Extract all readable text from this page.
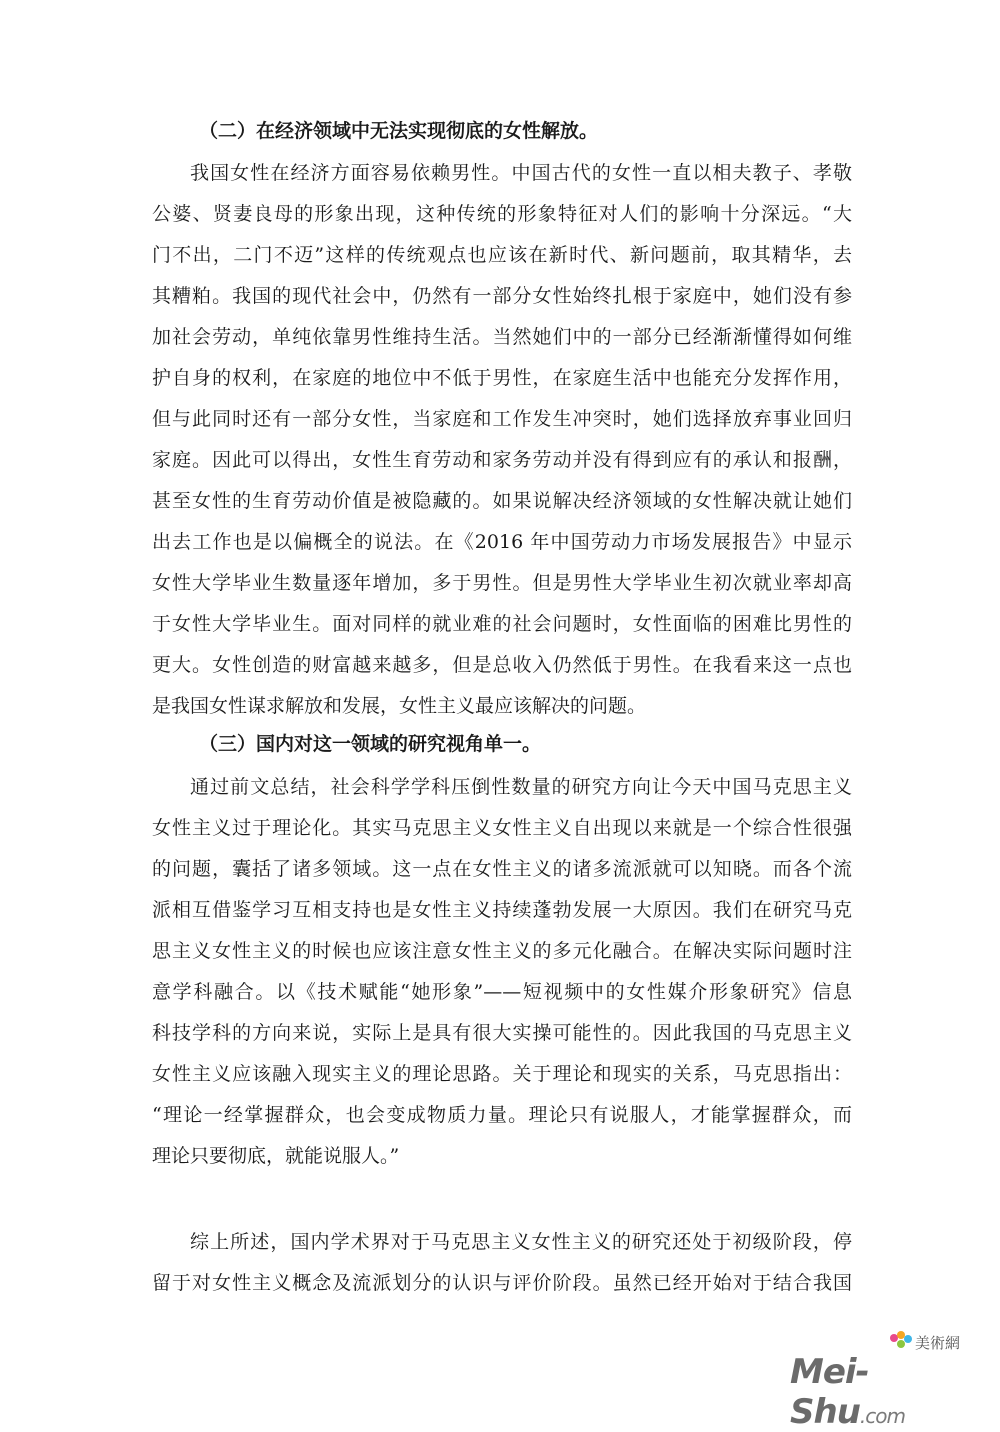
（二）在经济领域中无法实现彻底的女性解放。
我国女性在经济方面容易依赖男性。中国古代的女性一直以相夫教子、孝敬
公婆、贤妻良母的形象出现，这种传统的形象特征对人们的影响十分深远。“大
门不出，二门不迈”这样的传统观点也应该在新时代、新问题前，取其精华，去
其糟粕。我国的现代社会中，仍然有一部分女性始终扎根于家庭中，她们没有参
加社会劳动，单纯依靠男性维持生活。当然她们中的一部分已经渐渐懂得如何维
护自身的权利，在家庭的地位中不低于男性，在家庭生活中也能充分发挥作用，
但与此同时还有一部分女性，当家庭和工作发生冲突时，她们选择放弃事业回归
家庭。因此可以得出，女性生育劳动和家务劳动并没有得到应有的承认和报酬，
甚至女性的生育劳动价值是被隐藏的。如果说解决经济领域的女性解决就让她们
出去工作也是以偏概全的说法。在《2016 年中国劳动力市场发展报告》中显示
女性大学毕业生数量逐年增加，多于男性。但是男性大学毕业生初次就业率却高
于女性大学毕业生。面对同样的就业难的社会问题时，女性面临的困难比男性的
更大。女性创造的财富越来越多，但是总收入仍然低于男性。在我看来这一点也
是我国女性谋求解放和发展，女性主义最应该解决的问题。
（三）国内对这一领域的研究视角单一。
通过前文总结，社会科学学科压倒性数量的研究方向让今天中国马克思主义
女性主义过于理论化。其实马克思主义女性主义自出现以来就是一个综合性很强
的问题，囊括了诸多领域。这一点在女性主义的诸多流派就可以知晓。而各个流
派相互借鉴学习互相支持也是女性主义持续蓬勃发展一大原因。我们在研究马克
思主义女性主义的时候也应该注意女性主义的多元化融合。在解决实际问题时注
意学科融合。以《技术赋能“她形象”——短视频中的女性媒介形象研究》信息
科技学科的方向来说，实际上是具有很大实操可能性的。因此我国的马克思主义
女性主义应该融入现实主义的理论思路。关于理论和现实的关系，马克思指出：
“理论一经掌握群众，也会变成物质力量。理论只有说服人，才能掌握群众，而
理论只要彻底，就能说服人。”
综上所述，国内学术界对于马克思主义女性主义的研究还处于初级阶段，停
留于对女性主义概念及流派划分的认识与评价阶段。虽然已经开始对于结合我国
美術網
Mei-Shu.com
